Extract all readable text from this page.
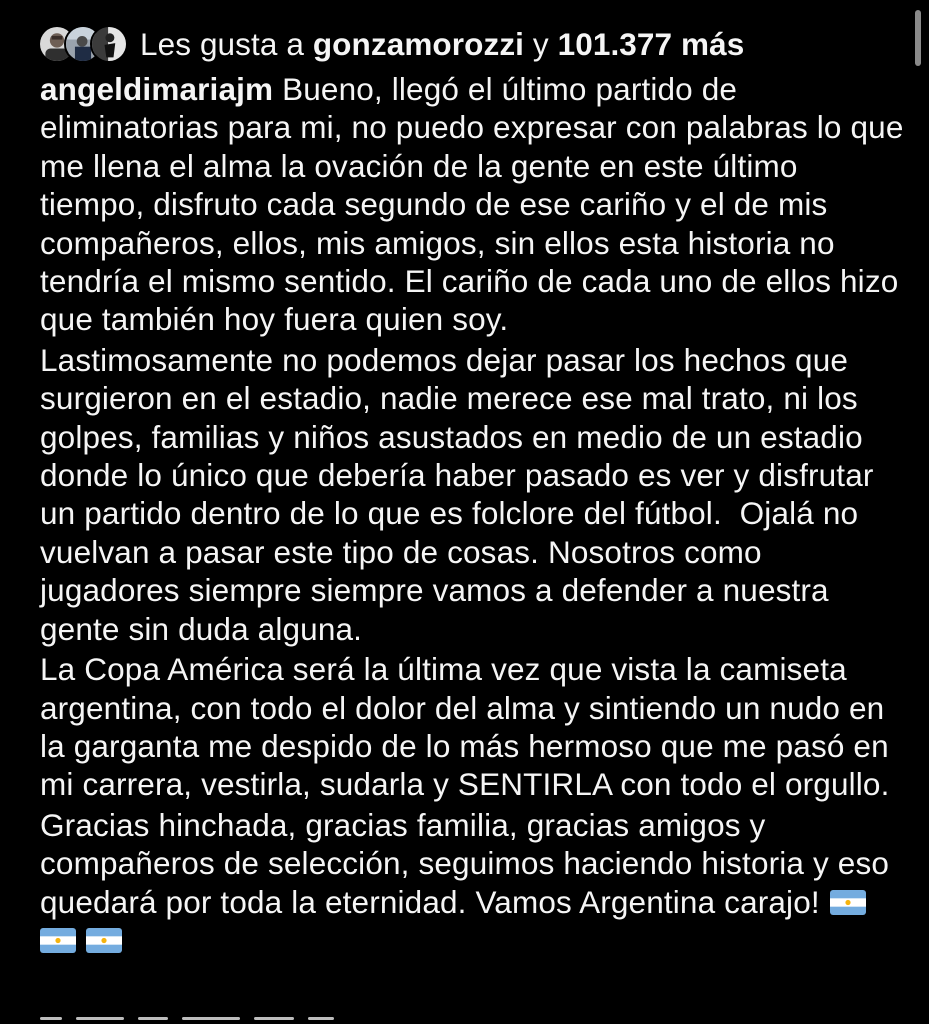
Les gusta a gonzamorozzi y 101.377 más
angeldimariajm Bueno, llegó el último partido de eliminatorias para mi, no puedo expresar con palabras lo que me llena el alma la ovación de la gente en este último tiempo, disfruto cada segundo de ese cariño y el de mis compañeros, ellos, mis amigos, sin ellos esta historia no tendría el mismo sentido. El cariño de cada uno de ellos hizo que también hoy fuera quien soy.
Lastimosamente no podemos dejar pasar los hechos que surgieron en el estadio, nadie merece ese mal trato, ni los golpes, familias y niños asustados en medio de un estadio donde lo único que debería haber pasado es ver y disfrutar un partido dentro de lo que es folclore del fútbol.  Ojalá no vuelvan a pasar este tipo de cosas. Nosotros como jugadores siempre siempre vamos a defender a nuestra gente sin duda alguna.
La Copa América será la última vez que vista la camiseta argentina, con todo el dolor del alma y sintiendo un nudo en la garganta me despido de lo más hermoso que me pasó en mi carrera, vestirla, sudarla y SENTIRLA con todo el orgullo.
Gracias hinchada, gracias familia, gracias amigos y compañeros de selección, seguimos haciendo historia y eso quedará por toda la eternidad. Vamos Argentina carajo!
